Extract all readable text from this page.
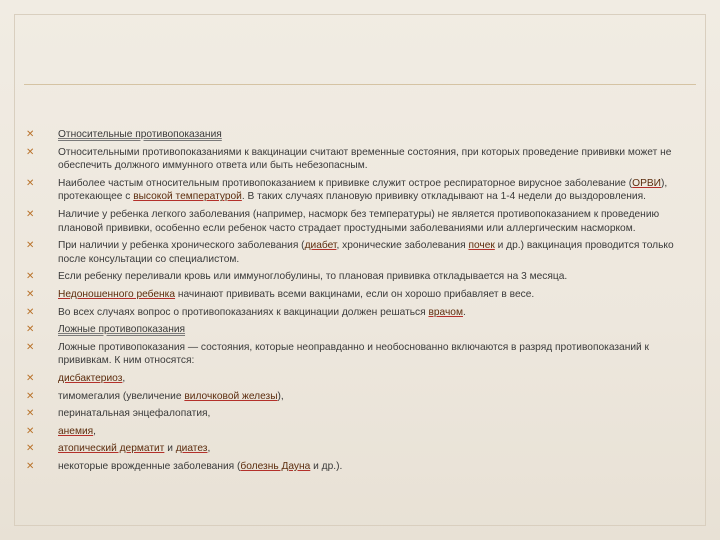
✕	Относительные противопоказания
✕	Относительными противопоказаниями к вакцинации считают временные состояния, при которых проведение прививки может не обеспечить должного иммунного ответа или быть небезопасным.
✕	Наиболее частым относительным противопоказанием к прививке служит острое респираторное вирусное заболевание (ОРВИ), протекающее с высокой температурой. В таких случаях плановую прививку откладывают на 1-4 недели до выздоровления.
✕	Наличие у ребенка легкого заболевания (например, насморк без температуры) не является противопоказанием к проведению плановой прививки, особенно если ребенок часто страдает простудными заболеваниями или аллергическим насморком.
✕	При наличии у ребенка хронического заболевания (диабет, хронические заболевания почек и др.) вакцинация проводится только после консультации со специалистом.
✕	Если ребенку переливали кровь или иммуноглобулины, то плановая прививка откладывается на 3 месяца.
✕	Недоношенного ребенка начинают прививать всеми вакцинами, если он хорошо прибавляет в весе.
✕	Во всех случаях вопрос о противопоказаниях к вакцинации должен решаться врачом.
✕	Ложные противопоказания
✕	Ложные противопоказания — состояния, которые неоправданно и необоснованно включаются в разряд противопоказаний к прививкам. К ним относятся:
✕	дисбактериоз,
✕	тимомегалия (увеличение вилочковой железы),
✕	перинатальная энцефалопатия,
✕	анемия,
✕	атопический дерматит и диатез,
✕	некоторые врожденные заболевания (болезнь Дауна и др.).
